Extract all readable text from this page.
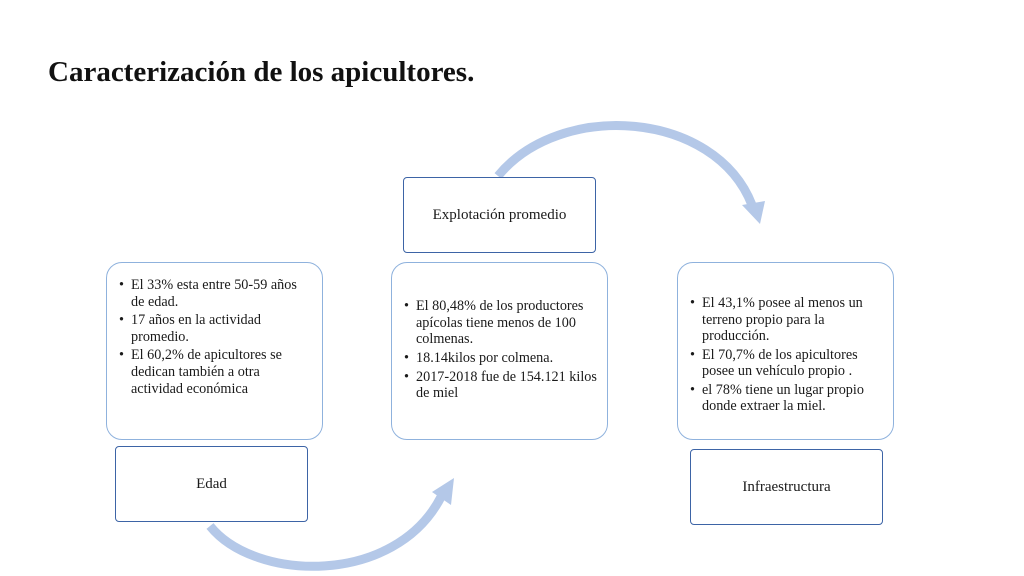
Caracterización de los apicultores.
• El 33% esta entre 50-59 años de edad.
• 17 años en la actividad promedio.
• El 60,2% de apicultores se dedican también a otra actividad económica
Edad
Explotación promedio
• El 80,48% de los productores apícolas tiene menos de 100 colmenas.
• 18.14kilos por colmena.
• 2017-2018 fue de 154.121 kilos de miel
• El 43,1% posee al menos un terreno propio para la producción.
• El 70,7% de los apicultores posee un vehículo propio .
• el 78% tiene un lugar propio donde extraer la miel.
Infraestructura
